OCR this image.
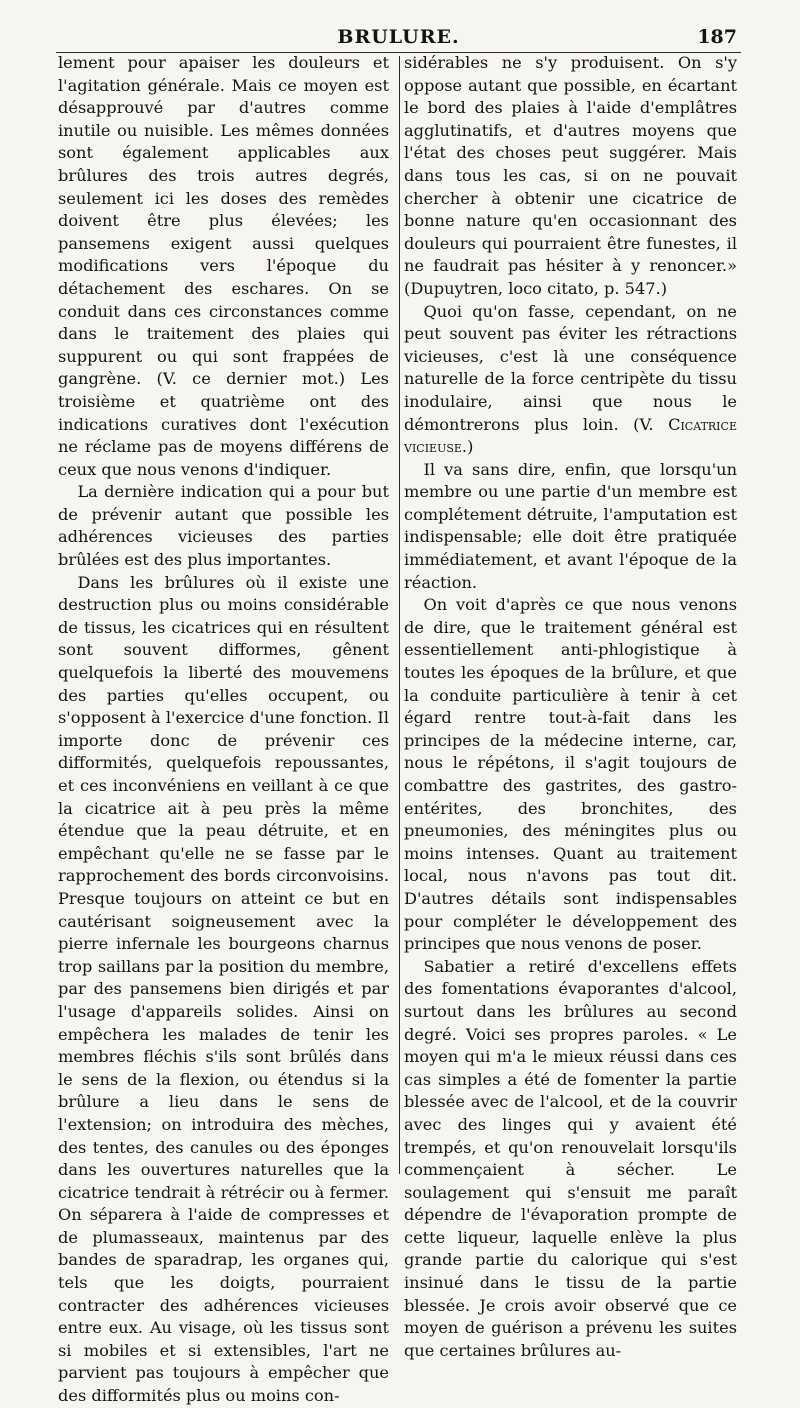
BRULURE.	187

lement pour apaiser les douleurs et l'agitation générale. Mais ce moyen est désapprouvé par d'autres comme inutile ou nuisible. Les mêmes données sont également applicables aux brûlures des trois autres degrés, seulement ici les doses des remèdes doivent être plus élevées; les pansemens exigent aussi quelques modifications vers l'époque du détachement des eschares. On se conduit dans ces circonstances comme dans le traitement des plaies qui suppurent ou qui sont frappées de gangrène. (V. ce dernier mot.) Les troisième et quatrième ont des indications curatives dont l'exécution ne réclame pas de moyens différens de ceux que nous venons d'indiquer.

La dernière indication qui a pour but de prévenir autant que possible les adhérences vicieuses des parties brûlées est des plus importantes.

Dans les brûlures où il existe une destruction plus ou moins considérable de tissus, les cicatrices qui en résultent sont souvent difformes, gênent quelquefois la liberté des mouvemens des parties qu'elles occupent, ou s'opposent à l'exercice d'une fonction. Il importe donc de prévenir ces difformités, quelquefois repoussantes, et ces inconvéniens en veillant à ce que la cicatrice ait à peu près la même étendue que la peau détruite, et en empêchant qu'elle ne se fasse par le rapprochement des bords circonvoisins. Presque toujours on atteint ce but en cautérisant soigneusement avec la pierre infernale les bourgeons charnus trop saillans par la position du membre, par des pansemens bien dirigés et par l'usage d'appareils solides. Ainsi on empêchera les malades de tenir les membres fléchis s'ils sont brûlés dans le sens de la flexion, ou étendus si la brûlure a lieu dans le sens de l'extension; on introduira des mèches, des tentes, des canules ou des éponges dans les ouvertures naturelles que la cicatrice tendrait à rétrécir ou à fermer. On séparera à l'aide de compresses et de plumasseaux, maintenus par des bandes de sparadrap, les organes qui, tels que les doigts, pourraient contracter des adhérences vicieuses entre eux. Au visage, où les tissus sont si mobiles et si extensibles, l'art ne parvient pas toujours à empêcher que des difformités plus ou moins con-

sidérables ne s'y produisent. On s'y oppose autant que possible, en écartant le bord des plaies à l'aide d'emplâtres agglutinatifs, et d'autres moyens que l'état des choses peut suggérer. Mais dans tous les cas, si on ne pouvait chercher à obtenir une cicatrice de bonne nature qu'en occasionnant des douleurs qui pourraient être funestes, il ne faudrait pas hésiter à y renoncer.» (Dupuytren, loco citato, p. 547.)

Quoi qu'on fasse, cependant, on ne peut souvent pas éviter les rétractions vicieuses, c'est là une conséquence naturelle de la force centripète du tissu inodulaire, ainsi que nous le démontrerons plus loin. (V. Cicatrice vicieuse.)

Il va sans dire, enfin, que lorsqu'un membre ou une partie d'un membre est complétement détruite, l'amputation est indispensable; elle doit être pratiquée immédiatement, et avant l'époque de la réaction.

On voit d'après ce que nous venons de dire, que le traitement général est essentiellement anti-phlogistique à toutes les époques de la brûlure, et que la conduite particulière à tenir à cet égard rentre tout-à-fait dans les principes de la médecine interne, car, nous le répétons, il s'agit toujours de combattre des gastrites, des gastro-entérites, des bronchites, des pneumonies, des méningites plus ou moins intenses. Quant au traitement local, nous n'avons pas tout dit. D'autres détails sont indispensables pour compléter le développement des principes que nous venons de poser.

Sabatier a retiré d'excellens effets des fomentations évaporantes d'alcool, surtout dans les brûlures au second degré. Voici ses propres paroles. « Le moyen qui m'a le mieux réussi dans ces cas simples a été de fomenter la partie blessée avec de l'alcool, et de la couvrir avec des linges qui y avaient été trempés, et qu'on renouvelait lorsqu'ils commençaient à sécher. Le soulagement qui s'ensuit me paraît dépendre de l'évaporation prompte de cette liqueur, laquelle enlève la plus grande partie du calorique qui s'est insinué dans le tissu de la partie blessée. Je crois avoir observé que ce moyen de guérison a prévenu les suites que certaines brûlures au-
